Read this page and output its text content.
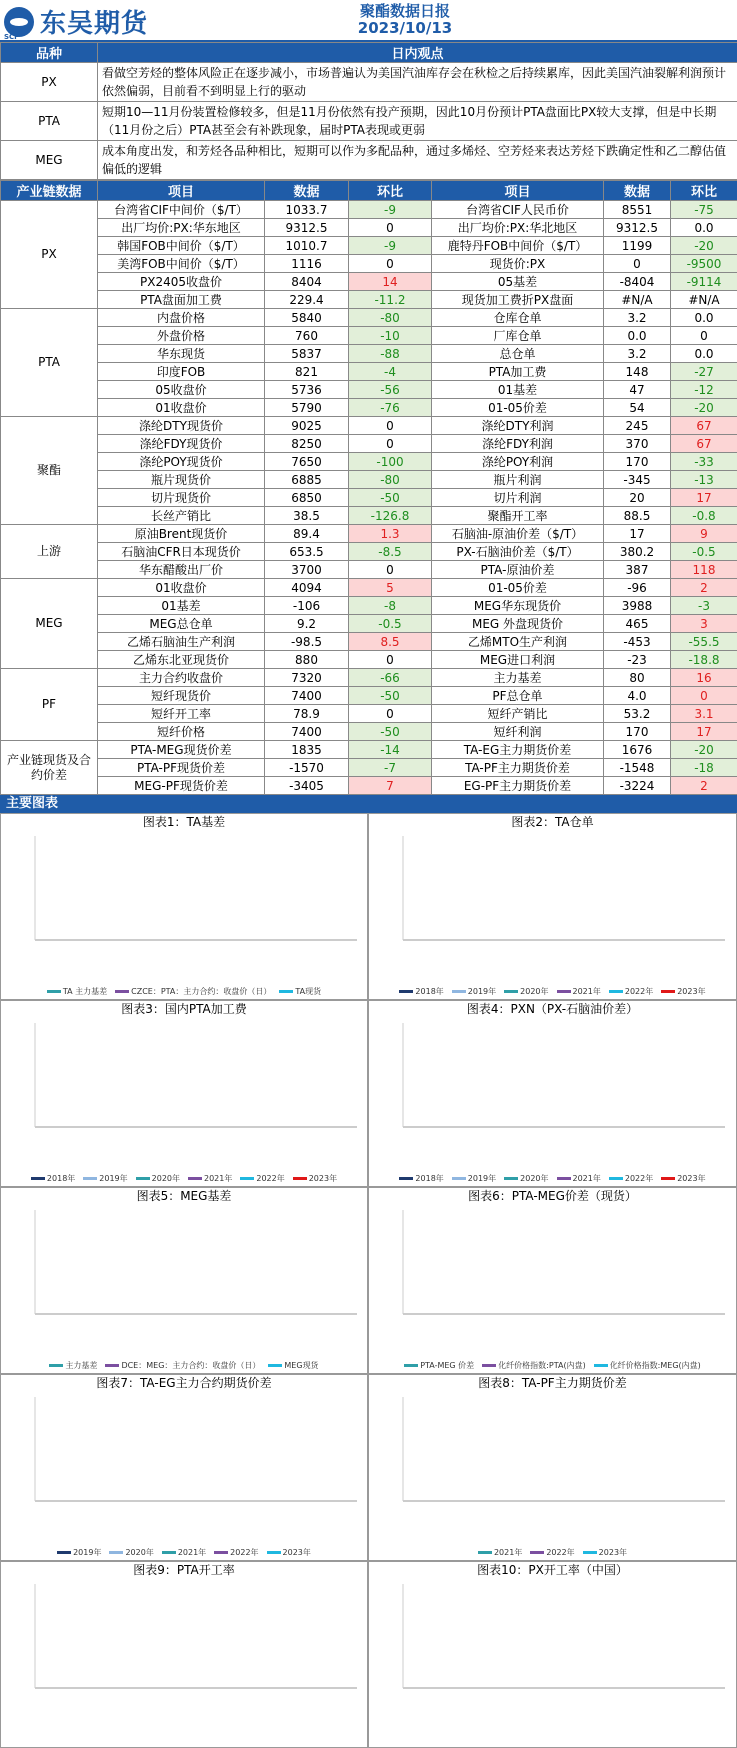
东吴期货
SCF
聚酯数据日报
2023/10/13
品种	日内观点
PX	看做空芳烃的整体风险正在逐步减小，市场普遍认为美国汽油库存会在秋检之后持续累库，因此美国汽油裂解利润预计依然偏弱，目前看不到明显上行的驱动
PTA	短期10—11月份装置检修较多，但是11月份依然有投产预期，因此10月份预计PTA盘面比PX较大支撑，但是中长期（11月份之后）PTA甚至会有补跌现象，届时PTA表现或更弱
MEG	成本角度出发，和芳烃各品种相比，短期可以作为多配品种，通过多烯烃、空芳烃来表达芳烃下跌确定性和乙二醇估值偏低的逻辑
产业链数据	项目	数据	环比	项目	数据	环比
PX	台湾省CIF中间价（$/T）	1033.7	-9	台湾省CIF人民币价	8551	-75
	出厂均价:PX:华东地区	9312.5	0	出厂均价:PX:华北地区	9312.5	0.0
	韩国FOB中间价（$/T）	1010.7	-9	鹿特丹FOB中间价（$/T）	1199	-20
	美湾FOB中间价（$/T）	1116	0	现货价:PX	0	-9500
	PX2405收盘价	8404	14	05基差	-8404	-9114
	PTA盘面加工费	229.4	-11.2	现货加工费折PX盘面	#N/A	#N/A
PTA	内盘价格	5840	-80	仓库仓单	3.2	0.0
	外盘价格	760	-10	厂库仓单	0.0	0
	华东现货	5837	-88	总仓单	3.2	0.0
	印度FOB	821	-4	PTA加工费	148	-27
	05收盘价	5736	-56	01基差	47	-12
	01收盘价	5790	-76	01-05价差	54	-20
聚酯	涤纶DTY现货价	9025	0	涤纶DTY利润	245	67
	涤纶FDY现货价	8250	0	涤纶FDY利润	370	67
	涤纶POY现货价	7650	-100	涤纶POY利润	170	-33
	瓶片现货价	6885	-80	瓶片利润	-345	-13
	切片现货价	6850	-50	切片利润	20	17
	长丝产销比	38.5	-126.8	聚酯开工率	88.5	-0.8
上游	原油Brent现货价	89.4	1.3	石脑油-原油价差（$/T）	17	9
	石脑油CFR日本现货价	653.5	-8.5	PX-石脑油价差（$/T）	380.2	-0.5
	华东醋酸出厂价	3700	0	PTA-原油价差	387	118
MEG	01收盘价	4094	5	01-05价差	-96	2
	01基差	-106	-8	MEG华东现货价	3988	-3
	MEG总仓单	9.2	-0.5	MEG 外盘现货价	465	3
	乙烯石脑油生产利润	-98.5	8.5	乙烯MTO生产利润	-453	-55.5
	乙烯东北亚现货价	880	0	MEG进口利润	-23	-18.8
PF	主力合约收盘价	7320	-66	主力基差	80	16
	短纤现货价	7400	-50	PF总仓单	4.0	0
	短纤开工率	78.9	0	短纤产销比	53.2	3.1
	短纤价格	7400	-50	短纤利润	170	17
产业链现货及合约价差	PTA-MEG现货价差	1835	-14	TA-EG主力期货价差	1676	-20
	PTA-PF现货价差	-1570	-7	TA-PF主力期货价差	-1548	-18
	MEG-PF现货价差	-3405	7	EG-PF主力期货价差	-3224	2
主要图表
图表1：TA基差
TA 主力基差	CZCE：PTA：主力合约：收盘价（日）	TA现货
图表2：TA仓单
2018年	2019年	2020年	2021年	2022年	2023年
图表3：国内PTA加工费
2018年	2019年	2020年	2021年	2022年	2023年
图表4：PXN（PX-石脑油价差）
2018年	2019年	2020年	2021年	2022年	2023年
图表5：MEG基差
主力基差	DCE：MEG：主力合约：收盘价（日）	MEG现货
图表6：PTA-MEG价差（现货）
PTA-MEG 价差	化纤价格指数:PTA(内盘)	化纤价格指数:MEG(内盘)
图表7：TA-EG主力合约期货价差
2019年	2020年	2021年	2022年	2023年
图表8：TA-PF主力期货价差
2021年	2022年	2023年
图表9：PTA开工率	图表10：PX开工率（中国）
